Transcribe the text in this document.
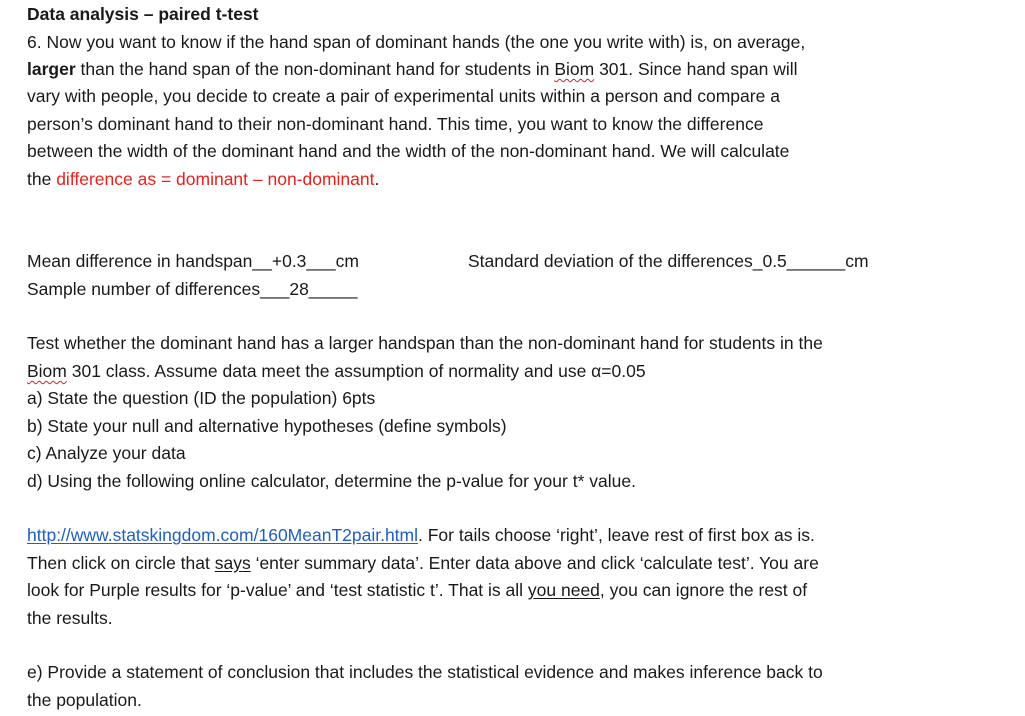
Data analysis – paired t-test
6. Now you want to know if the hand span of dominant hands (the one you write with) is, on average,
larger than the hand span of the non-dominant hand for students in Biom 301. Since hand span will
vary with people, you decide to create a pair of experimental units within a person and compare a
person’s dominant hand to their non-dominant hand. This time, you want to know the difference
between the width of the dominant hand and the width of the non-dominant hand. We will calculate
the difference as = dominant – non-dominant.
Mean difference in handspan__+0.3___cm	Standard deviation of the differences_0.5______cm
Sample number of differences___28_____
Test whether the dominant hand has a larger handspan than the non-dominant hand for students in the
Biom 301 class. Assume data meet the assumption of normality and use α=0.05
a) State the question (ID the population) 6pts
b) State your null and alternative hypotheses (define symbols)
c) Analyze your data
d) Using the following online calculator, determine the p-value for your t* value.
http://www.statskingdom.com/160MeanT2pair.html. For tails choose ‘right’, leave rest of first box as is.
Then click on circle that says ‘enter summary data’. Enter data above and click ‘calculate test’. You are
look for Purple results for ‘p-value’ and ‘test statistic t’. That is all you need, you can ignore the rest of
the results.
e) Provide a statement of conclusion that includes the statistical evidence and makes inference back to
the population.
